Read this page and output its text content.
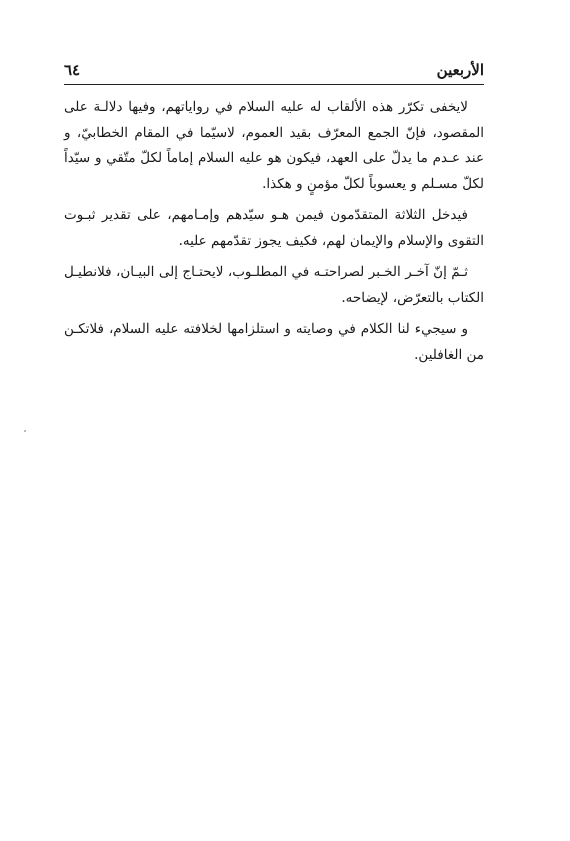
الأربعين
٦٤

لايخفى تكرّر هذه الألقاب له عليه السلام في رواياتهم، وفيها دلالـة على المقصود، فإنّ الجمع المعرّف بقيد العموم، لاسيّما في المقام الخطابيّ، و عند عـدم ما يدلّ على العهد، فيكون هو عليه السلام إماماً لكلّ متّقي و سيّداً لكلّ مسـلم و يعسوباً لكلّ مؤمنٍ و هكذا.

فيدخل الثلاثة المتقدّمون فيمن هـو سيّدهم وإمـامهم، على تقدير ثبـوت التقوى والإسلام والإيمان لهم، فكيف يجوز تقدّمهم عليه.

ثـمّ إنّ آخـر الخـبر لصراحتـه في المطلـوب، لايحتـاج إلى البيـان، فلانطيـل الكتاب بالتعرّض، لإيضاحه.

و سيجيء لنا الكلام في وصايته و استلزامها لخلافته عليه السلام، فلاتكـن من الغافلين.
